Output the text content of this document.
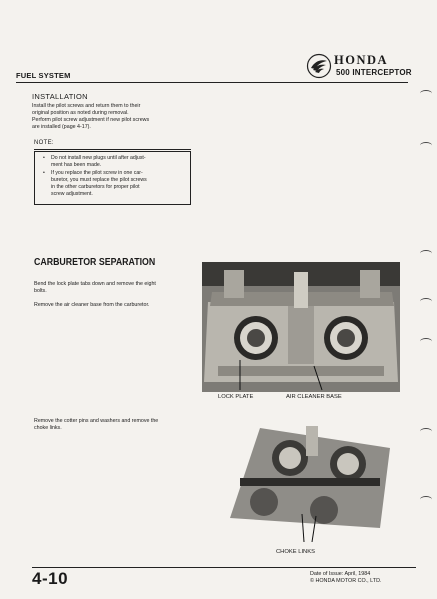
FUEL SYSTEM
HONDA
500 INTERCEPTOR
INSTALLATION
Install the pilot screws and return them to their
original position as noted during removal.
Perform pilot screw adjustment if new pilot screws
are installed (page 4-17).
NOTE:
• Do not install new plugs until after adjust-
ment has been made.
• If you replace the pilot screw in one car-
buretor, you must replace the pilot screws
in the other carburetors for proper pilot
screw adjustment.
CARBURETOR SEPARATION
Bend the lock plate tabs down and remove the eight
bolts.
Remove the air cleaner base from the carburetor.
Remove the cotter pins and washers and remove the
choke links.
LOCK PLATE	AIR CLEANER BASE
CHOKE LINKS
4-10	Date of Issue: April, 1984
© HONDA MOTOR CO., LTD.
